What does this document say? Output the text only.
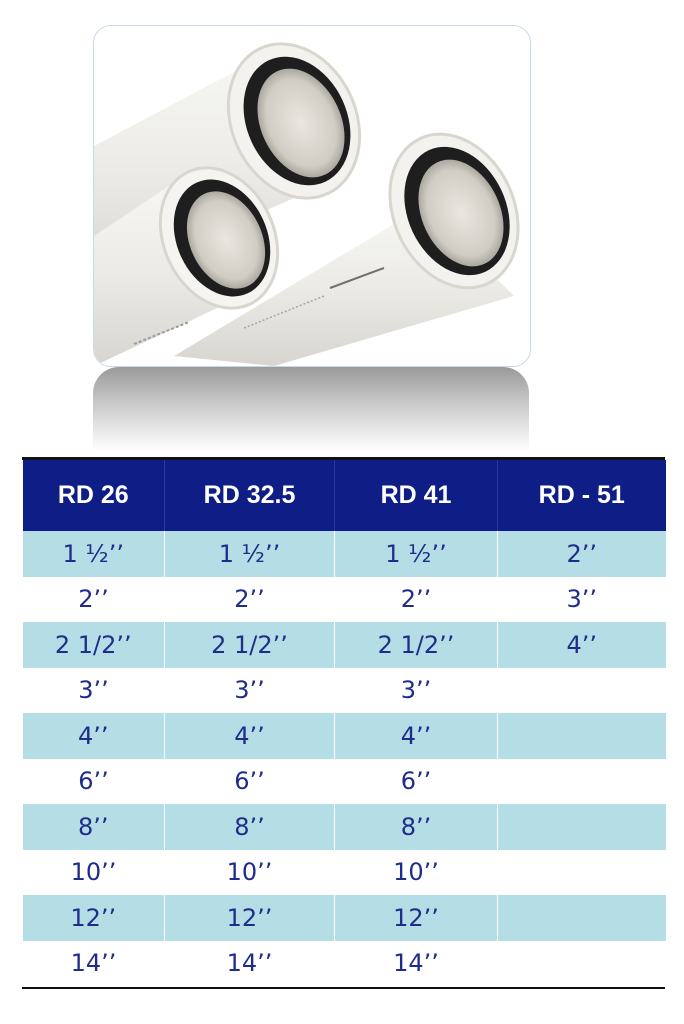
RD 26	RD 32.5	RD 41	RD - 51
1 ½’’	1 ½’’	1 ½’’	2’’
2’’	2’’	2’’	3’’
2 1/2’’	2 1/2’’	2 1/2’’	4’’
3’’	3’’	3’’	
4’’	4’’	4’’	
6’’	6’’	6’’	
8’’	8’’	8’’	
10’’	10’’	10’’	
12’’	12’’	12’’	
14’’	14’’	14’’	
